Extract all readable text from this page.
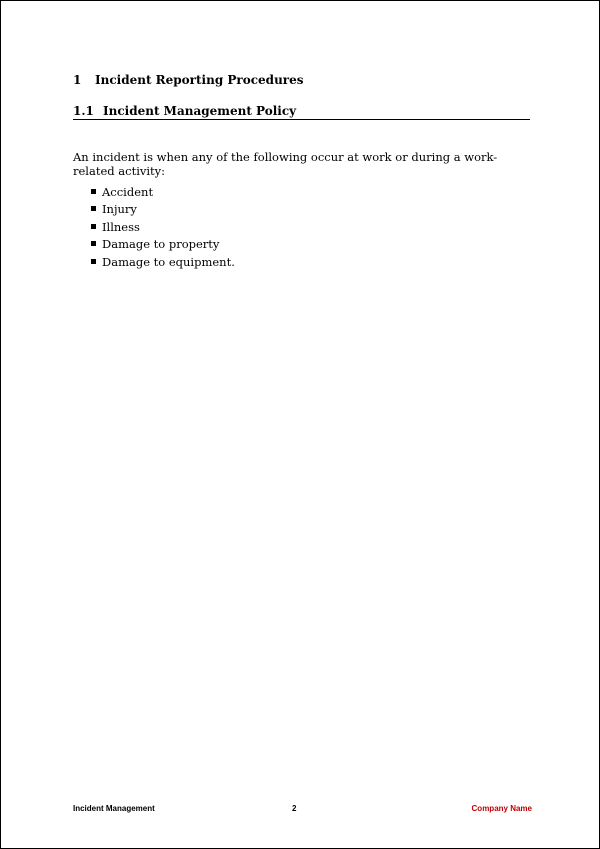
1 Incident Reporting Procedures
1.1 Incident Management Policy

An incident is when any of the following occur at work or during a work-related activity:

Accident
Injury
Illness
Damage to property
Damage to equipment.
Incident Management	2	Company Name
